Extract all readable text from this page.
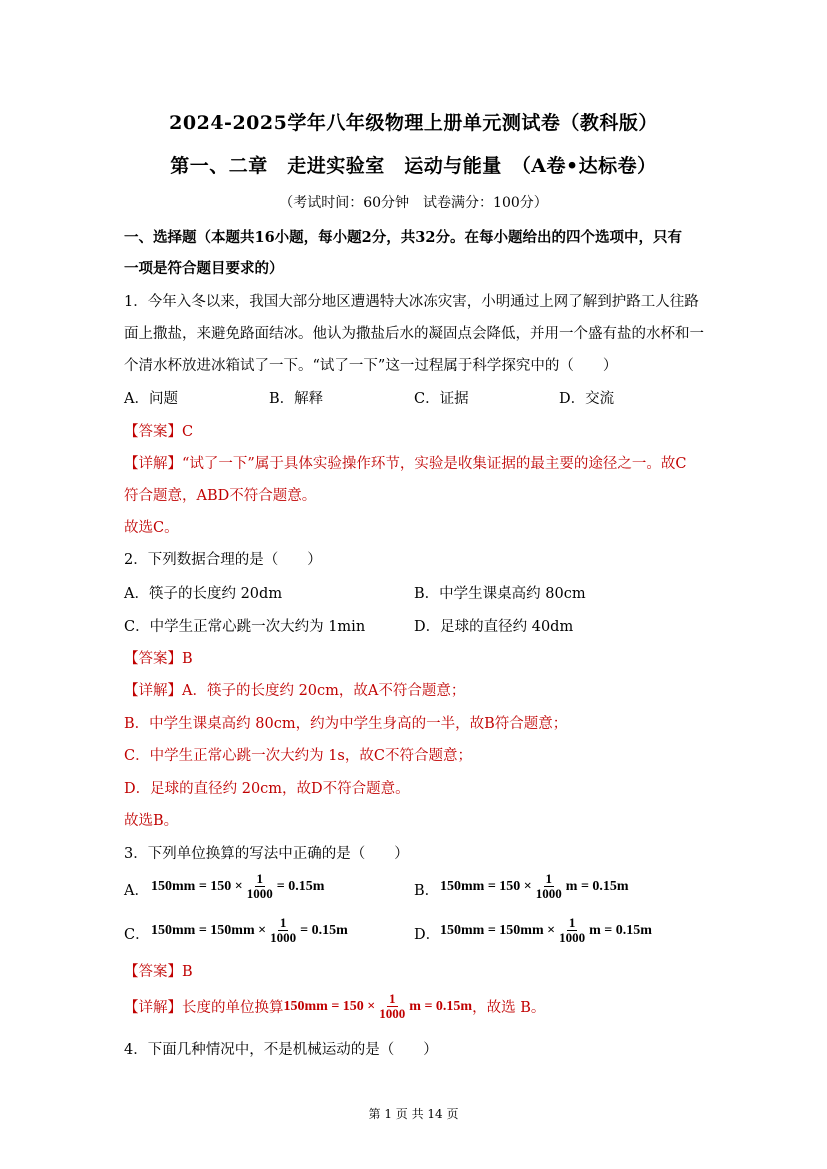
2024-2025学年八年级物理上册单元测试卷（教科版）
第一、二章　走进实验室　运动与能量　（A卷•达标卷）
（考试时间：60分钟　试卷满分：100分）
一、选择题（本题共16小题，每小题2分，共32分。在每小题给出的四个选项中，只有
一项是符合题目要求的）
1．今年入冬以来，我国大部分地区遭遇特大冰冻灾害，小明通过上网了解到护路工人往路
面上撒盐，来避免路面结冰。他认为撒盐后水的凝固点会降低，并用一个盛有盐的水杯和一
个清水杯放进冰箱试了一下。“试了一下”这一过程属于科学探究中的（　　）
A．问题	B．解释	C．证据	D．交流
【答案】C
【详解】“试了一下”属于具体实验操作环节，实验是收集证据的最主要的途径之一。故C
符合题意，ABD不符合题意。
故选C。
2．下列数据合理的是（　　）
A．筷子的长度约 20dm	B．中学生课桌高约 80cm
C．中学生正常心跳一次大约为 1min	D．足球的直径约 40dm
【答案】B
【详解】A．筷子的长度约 20cm，故A不符合题意；
B．中学生课桌高约 80cm，约为中学生身高的一半，故B符合题意；
C．中学生正常心跳一次大约为 1s，故C不符合题意；
D．足球的直径约 20cm，故D不符合题意。
故选B。
3．下列单位换算的写法中正确的是（　　）
A． $150mm = 150 \times \frac{1}{1000} = 0.15m$	B． $150mm = 150 \times \frac{1}{1000}$ m = 0.15m
C． $150mm = 150mm \times \frac{1}{1000} = 0.15m$	D． $150mm = 150mm \times \frac{1}{1000}$ m = 0.15m
【答案】B
【详解】长度的单位换算 $150mm = 150 \times \frac{1}{1000}$ m = 0.15m ，故选 B。
4．下面几种情况中，不是机械运动的是（　　）
第 1 页 共 14 页
